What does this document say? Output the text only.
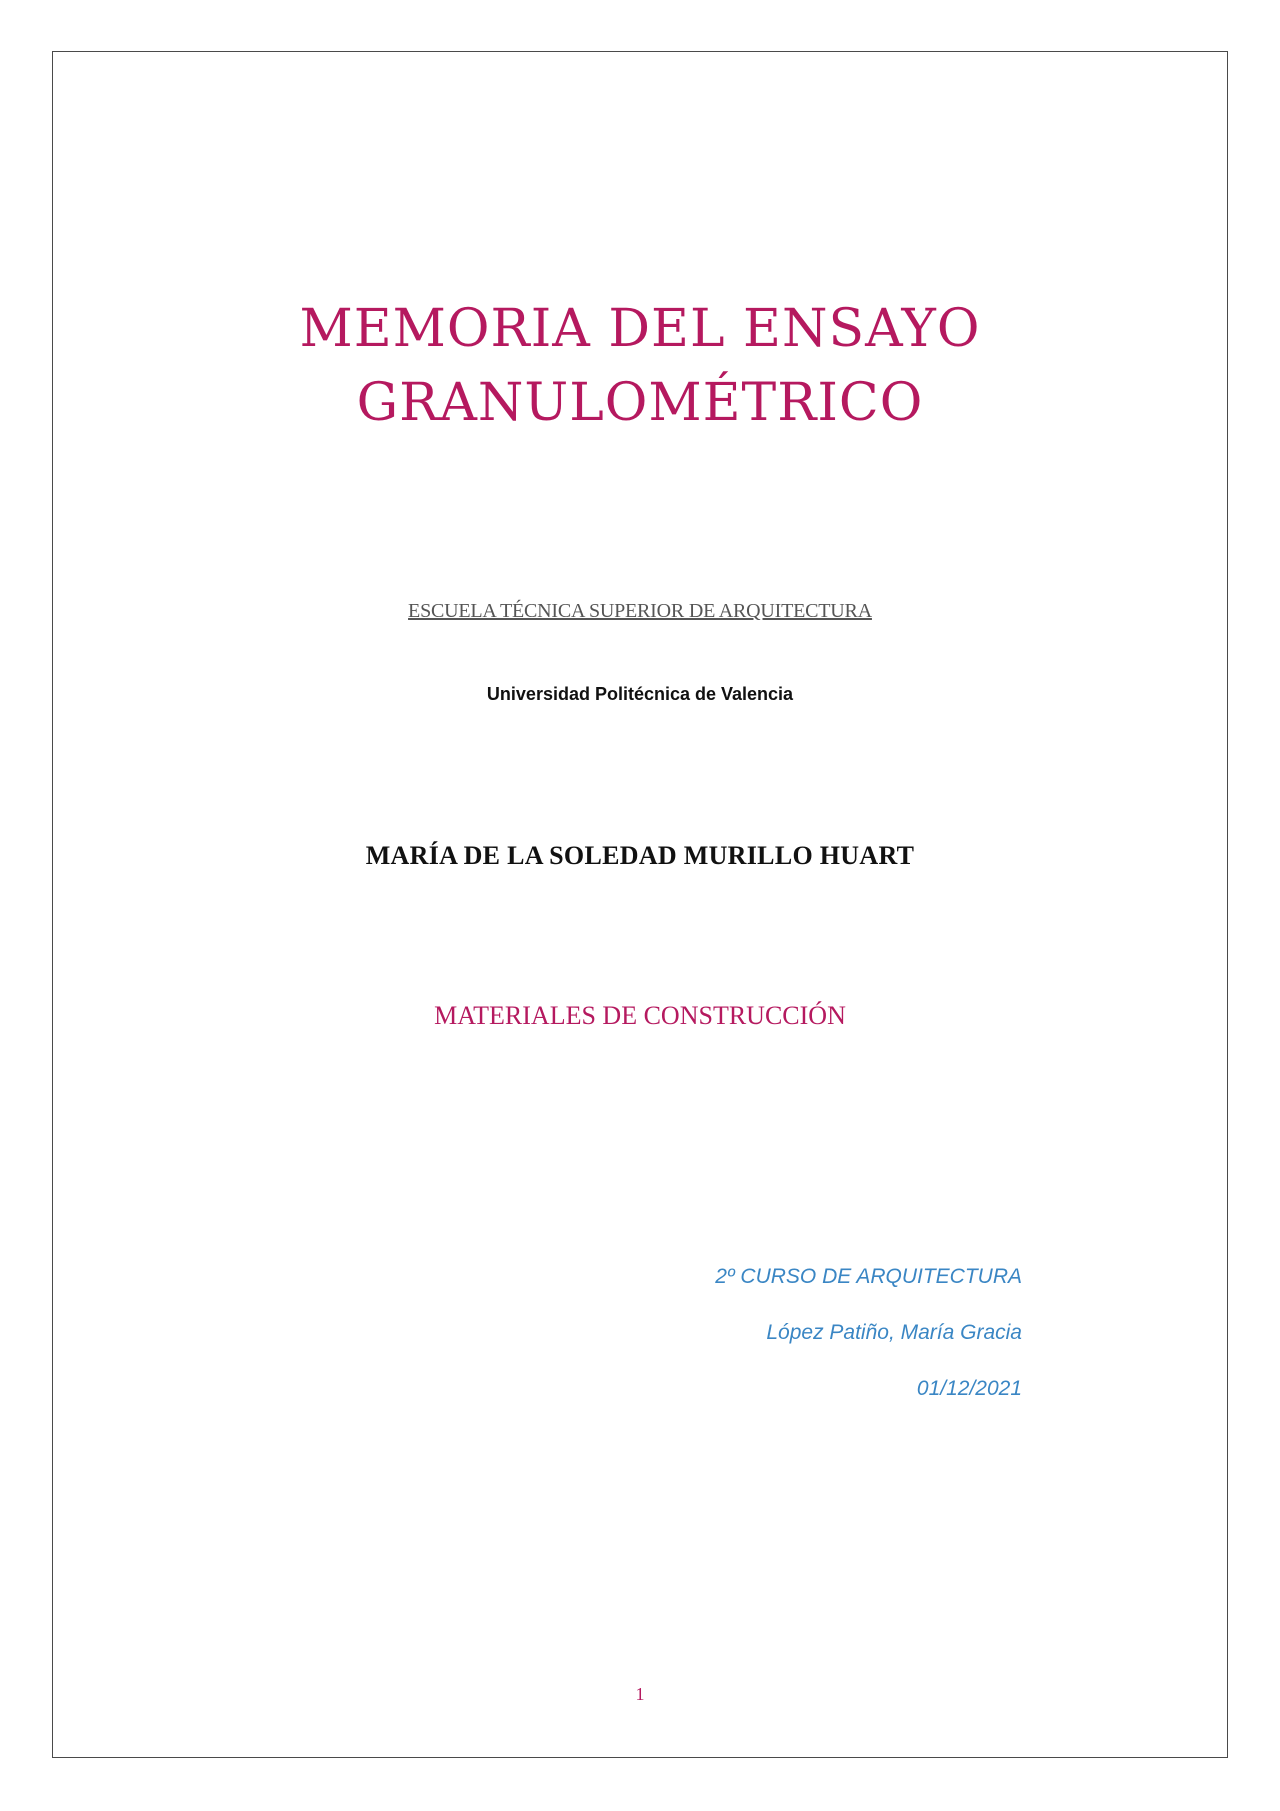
MEMORIA DEL ENSAYO
GRANULOMÉTRICO
ESCUELA TÉCNICA SUPERIOR DE ARQUITECTURA
Universidad Politécnica de Valencia
MARÍA DE LA SOLEDAD MURILLO HUART
MATERIALES DE CONSTRUCCIÓN
2º CURSO DE ARQUITECTURA
López Patiño, María Gracia
01/12/2021
1
